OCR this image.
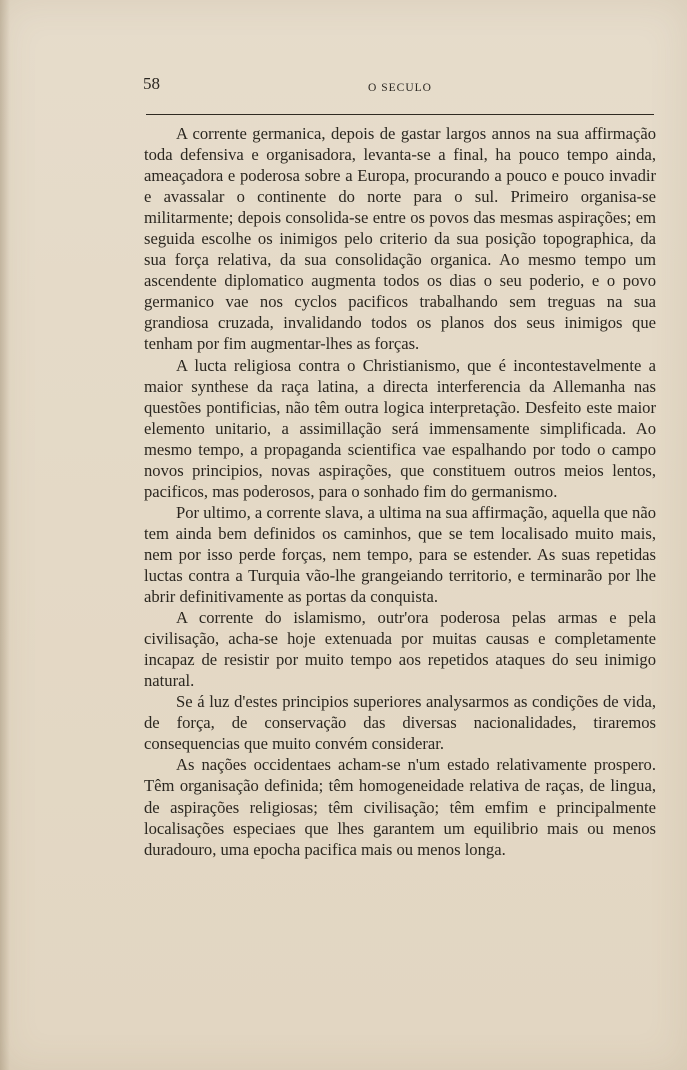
58	O SECULO

A corrente germanica, depois de gastar largos annos na sua affirmação toda defensiva e organisadora, levanta-se a final, ha pouco tempo ainda, ameaçadora e poderosa sobre a Europa, procurando a pouco e pouco invadir e avassalar o continente do norte para o sul. Primeiro organisa-se militarmente; depois consolida-se entre os povos das mesmas aspirações; em seguida escolhe os inimigos pelo criterio da sua posição topographica, da sua força relativa, da sua consolidação organica. Ao mesmo tempo um ascendente diplomatico augmenta todos os dias o seu poderio, e o povo germanico vae nos cyclos pacificos trabalhando sem treguas na sua grandiosa cruzada, invalidando todos os planos dos seus inimigos que tenham por fim augmentar-lhes as forças.

A lucta religiosa contra o Christianismo, que é incontestavelmente a maior synthese da raça latina, a directa interferencia da Allemanha nas questões pontificias, não têm outra logica interpretação. Desfeito este maior elemento unitario, a assimillação será immensamente simplificada. Ao mesmo tempo, a propaganda scientifica vae espalhando por todo o campo novos principios, novas aspirações, que constituem outros meios lentos, pacificos, mas poderosos, para o sonhado fim do germanismo.

Por ultimo, a corrente slava, a ultima na sua affirmação, aquella que não tem ainda bem definidos os caminhos, que se tem localisado muito mais, nem por isso perde forças, nem tempo, para se estender. As suas repetidas luctas contra a Turquia vão-lhe grangeiando territorio, e terminarão por lhe abrir definitivamente as portas da conquista.

A corrente do islamismo, outr'ora poderosa pelas armas e pela civilisação, acha-se hoje extenuada por muitas causas e completamente incapaz de resistir por muito tempo aos repetidos ataques do seu inimigo natural.

Se á luz d'estes principios superiores analysarmos as condições de vida, de força, de conservação das diversas nacionalidades, tiraremos consequencias que muito convém considerar.

As nações occidentaes acham-se n'um estado relativamente prospero. Têm organisação definida; têm homogeneidade relativa de raças, de lingua, de aspirações religiosas; têm civilisação; têm emfim e principalmente localisações especiaes que lhes garantem um equilibrio mais ou menos duradouro, uma epocha pacifica mais ou menos longa.
